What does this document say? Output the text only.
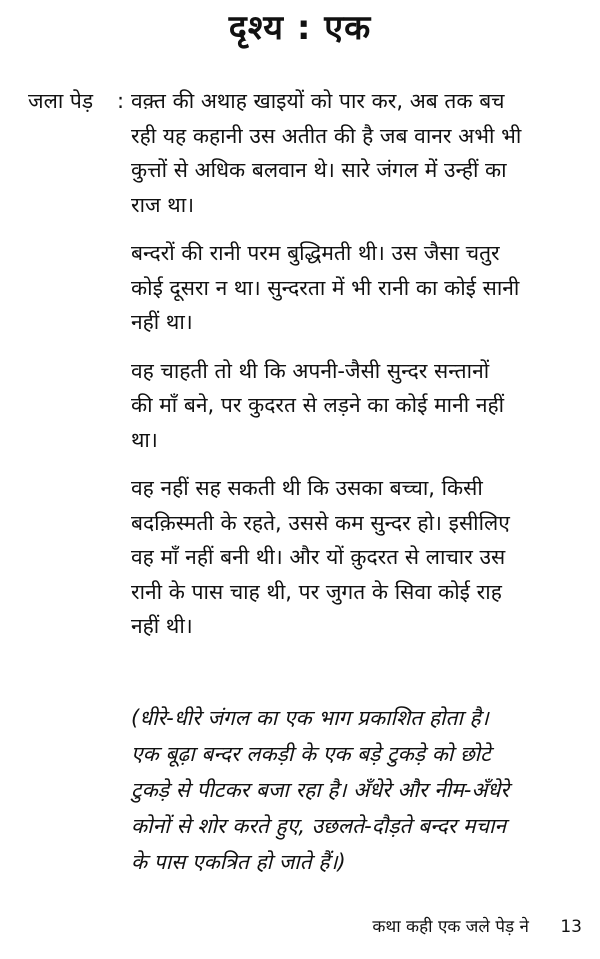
दृश्य : एक
जला पेड़ : वक़्त की अथाह खाइयों को पार कर, अब तक बच
रही यह कहानी उस अतीत की है जब वानर अभी भी
कुत्तों से अधिक बलवान थे। सारे जंगल में उन्हीं का
राज था।
बन्दरों की रानी परम बुद्धिमती थी। उस जैसा चतुर
कोई दूसरा न था। सुन्दरता में भी रानी का कोई सानी
नहीं था।
वह चाहती तो थी कि अपनी-जैसी सुन्दर सन्तानों
की माँ बने, पर कुदरत से लड़ने का कोई मानी नहीं
था।
वह नहीं सह सकती थी कि उसका बच्चा, किसी
बदक़िस्मती के रहते, उससे कम सुन्दर हो। इसीलिए
वह माँ नहीं बनी थी। और यों क़ुदरत से लाचार उस
रानी के पास चाह थी, पर जुगत के सिवा कोई राह
नहीं थी।
(धीरे-धीरे जंगल का एक भाग प्रकाशित होता है।
एक बूढ़ा बन्दर लकड़ी के एक बड़े टुकड़े को छोटे
टुकड़े से पीटकर बजा रहा है। अँधेरे और नीम-अँधेरे
कोनों से शोर करते हुए, उछलते-दौड़ते बन्दर मचान
के पास एकत्रित हो जाते हैं।)
कथा कही एक जले पेड़ ने 13
